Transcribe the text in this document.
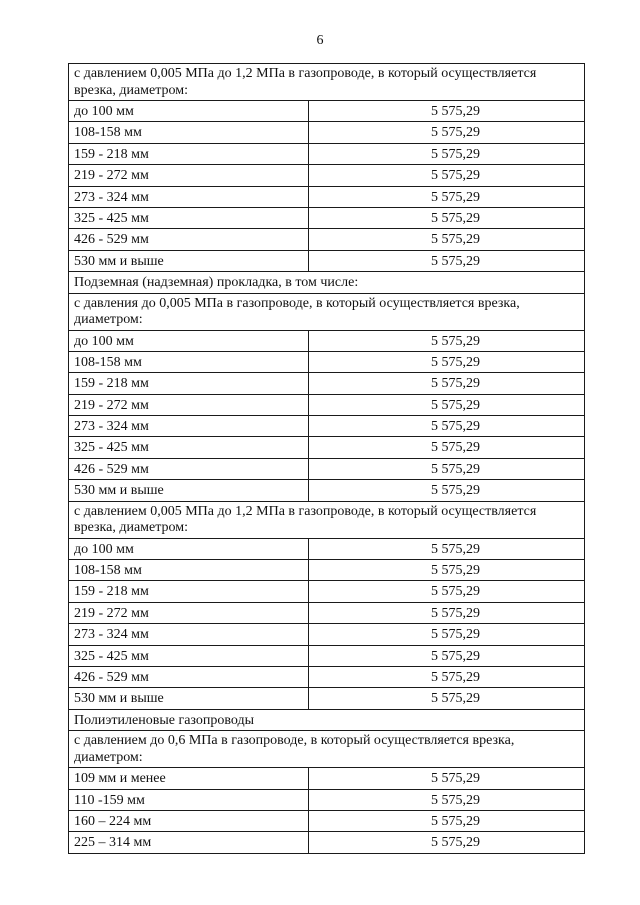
6
с давлением 0,005 МПа до 1,2 МПа в газопроводе, в который осуществляется врезка, диаметром:
до 100 мм	5 575,29
108-158 мм	5 575,29
159 - 218 мм	5 575,29
219 - 272 мм	5 575,29
273 - 324 мм	5 575,29
325 - 425 мм	5 575,29
426 - 529 мм	5 575,29
530 мм и выше	5 575,29
Подземная (надземная) прокладка, в том числе:
с давления до 0,005 МПа в газопроводе, в который осуществляется врезка, диаметром:
до 100 мм	5 575,29
108-158 мм	5 575,29
159 - 218 мм	5 575,29
219 - 272 мм	5 575,29
273 - 324 мм	5 575,29
325 - 425 мм	5 575,29
426 - 529 мм	5 575,29
530 мм и выше	5 575,29
с давлением 0,005 МПа до 1,2 МПа в газопроводе, в который осуществляется врезка, диаметром:
до 100 мм	5 575,29
108-158 мм	5 575,29
159 - 218 мм	5 575,29
219 - 272 мм	5 575,29
273 - 324 мм	5 575,29
325 - 425 мм	5 575,29
426 - 529 мм	5 575,29
530 мм и выше	5 575,29
Полиэтиленовые газопроводы
с давлением до 0,6 МПа в газопроводе, в который осуществляется врезка, диаметром:
109 мм и менее	5 575,29
110 -159 мм	5 575,29
160 – 224 мм	5 575,29
225 – 314 мм	5 575,29
